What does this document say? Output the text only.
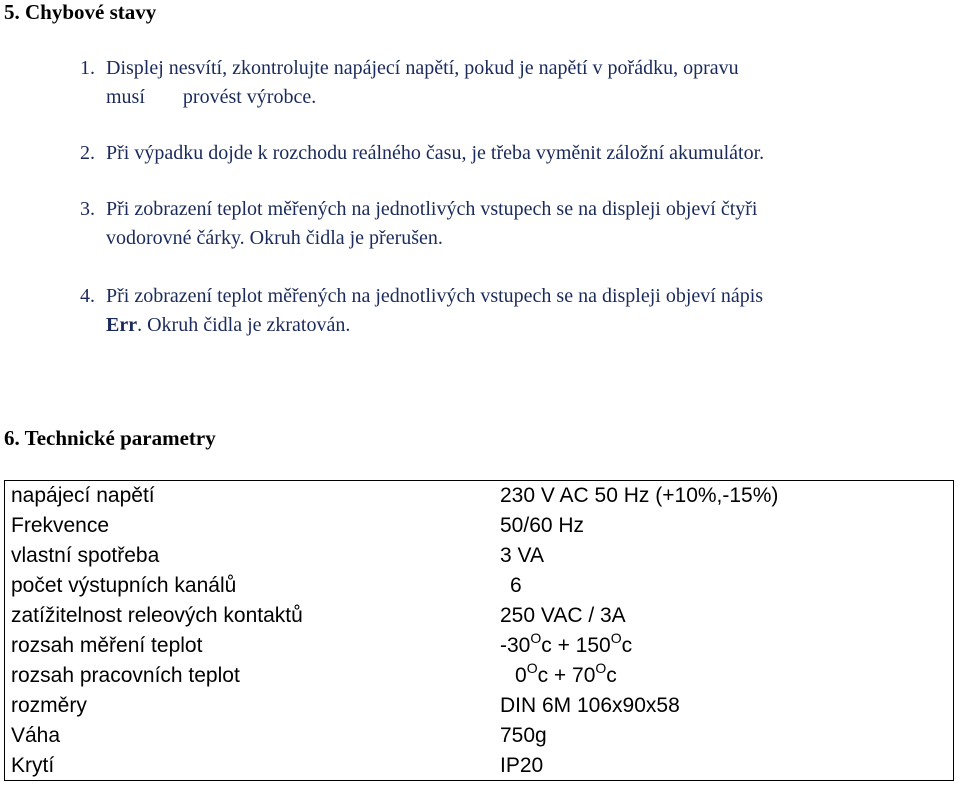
5. Chybové stavy
1. Displej nesvítí, zkontrolujte napájecí napětí, pokud je napětí v pořádku, opravu
musí provést výrobce.
2. Při výpadku dojde k rozchodu reálného času, je třeba vyměnit záložní akumulátor.
3. Při zobrazení teplot měřených na jednotlivých vstupech se na displeji objeví čtyři
vodorovné čárky. Okruh čidla je přerušen.
4. Při zobrazení teplot měřených na jednotlivých vstupech se na displeji objeví nápis
Err. Okruh čidla je zkratován.
6. Technické parametry
napájecí napětí	230 V AC 50 Hz (+10%,-15%)
Frekvence	50/60 Hz
vlastní spotřeba	3 VA
počet výstupních kanálů	6
zatížitelnost releových kontaktů	250 VAC / 3A
rozsah měření teplot	$-30^Oc + 150^Oc$
rozsah pracovních teplot	$0^Oc + 70^Oc$
rozměry	DIN 6M 106x90x58
Váha	750g
Krytí	IP20
